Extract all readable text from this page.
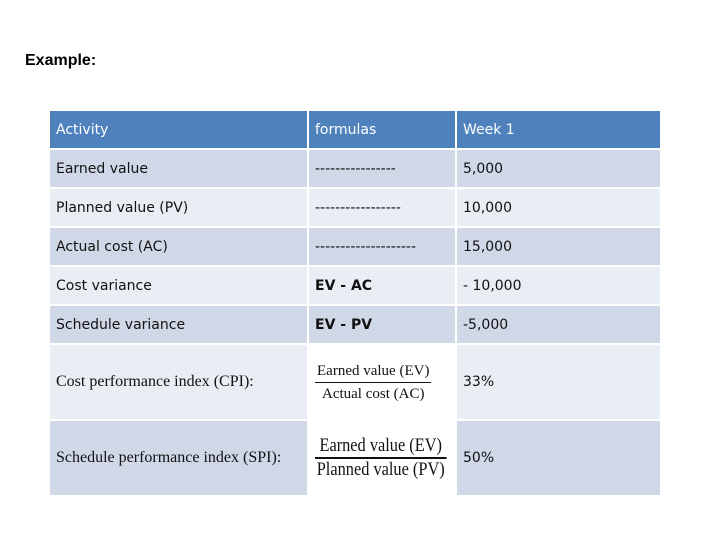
Example:
Activity	formulas	Week 1
Earned value	----------------	5,000
Planned value (PV)	-----------------	10,000
Actual cost (AC)	--------------------	15,000
Cost variance	EV - AC	- 10,000
Schedule variance	EV - PV	-5,000
Cost performance index (CPI):	$\frac{\text{Earned value (EV)}}{\text{Actual cost (AC)}}$	33%
Schedule performance index (SPI):	$\frac{\text{Earned value (EV)}}{\text{Planned value (PV)}}$	50%
